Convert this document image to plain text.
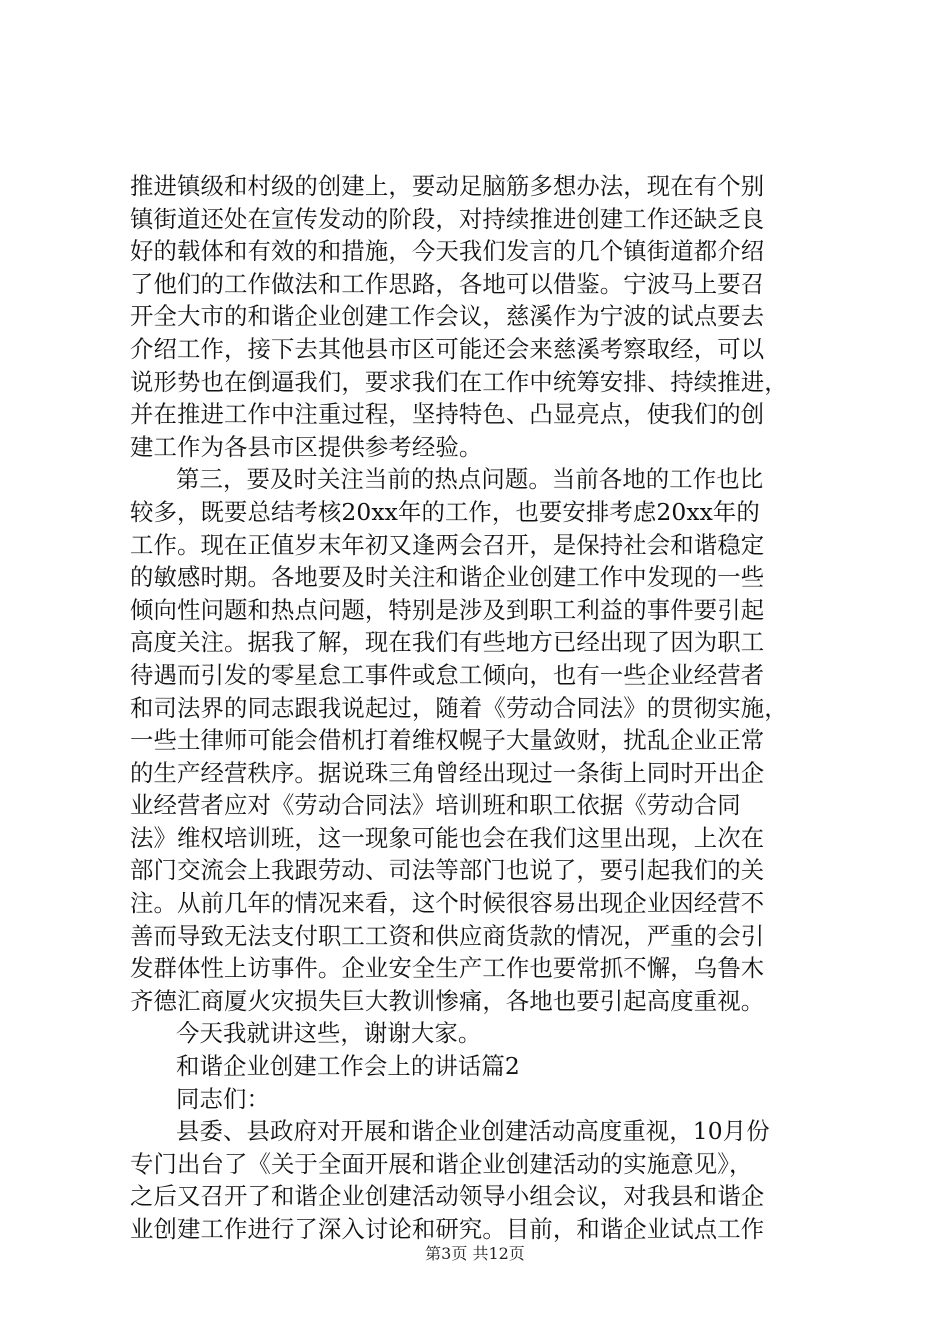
推进镇级和村级的创建上，要动足脑筋多想办法，现在有个别
镇街道还处在宣传发动的阶段，对持续推进创建工作还缺乏良
好的载体和有效的和措施，今天我们发言的几个镇街道都介绍
了他们的工作做法和工作思路，各地可以借鉴。宁波马上要召
开全大市的和谐企业创建工作会议，慈溪作为宁波的试点要去
介绍工作，接下去其他县市区可能还会来慈溪考察取经，可以
说形势也在倒逼我们，要求我们在工作中统筹安排、持续推进，
并在推进工作中注重过程，坚持特色、凸显亮点，使我们的创
建工作为各县市区提供参考经验。
第三，要及时关注当前的热点问题。当前各地的工作也比
较多，既要总结考核20xx年的工作，也要安排考虑20xx年的
工作。现在正值岁末年初又逢两会召开，是保持社会和谐稳定
的敏感时期。各地要及时关注和谐企业创建工作中发现的一些
倾向性问题和热点问题，特别是涉及到职工利益的事件要引起
高度关注。据我了解，现在我们有些地方已经出现了因为职工
待遇而引发的零星怠工事件或怠工倾向，也有一些企业经营者
和司法界的同志跟我说起过，随着《劳动合同法》的贯彻实施，
一些土律师可能会借机打着维权幌子大量敛财，扰乱企业正常
的生产经营秩序。据说珠三角曾经出现过一条街上同时开出企
业经营者应对《劳动合同法》培训班和职工依据《劳动合同
法》维权培训班，这一现象可能也会在我们这里出现，上次在
部门交流会上我跟劳动、司法等部门也说了，要引起我们的关
注。从前几年的情况来看，这个时候很容易出现企业因经营不
善而导致无法支付职工工资和供应商货款的情况，严重的会引
发群体性上访事件。企业安全生产工作也要常抓不懈，乌鲁木
齐德汇商厦火灾损失巨大教训惨痛，各地也要引起高度重视。
今天我就讲这些，谢谢大家。
和谐企业创建工作会上的讲话篇2
同志们：
县委、县政府对开展和谐企业创建活动高度重视，10月份
专门出台了《关于全面开展和谐企业创建活动的实施意见》，
之后又召开了和谐企业创建活动领导小组会议，对我县和谐企
业创建工作进行了深入讨论和研究。目前，和谐企业试点工作
第3页 共12页
